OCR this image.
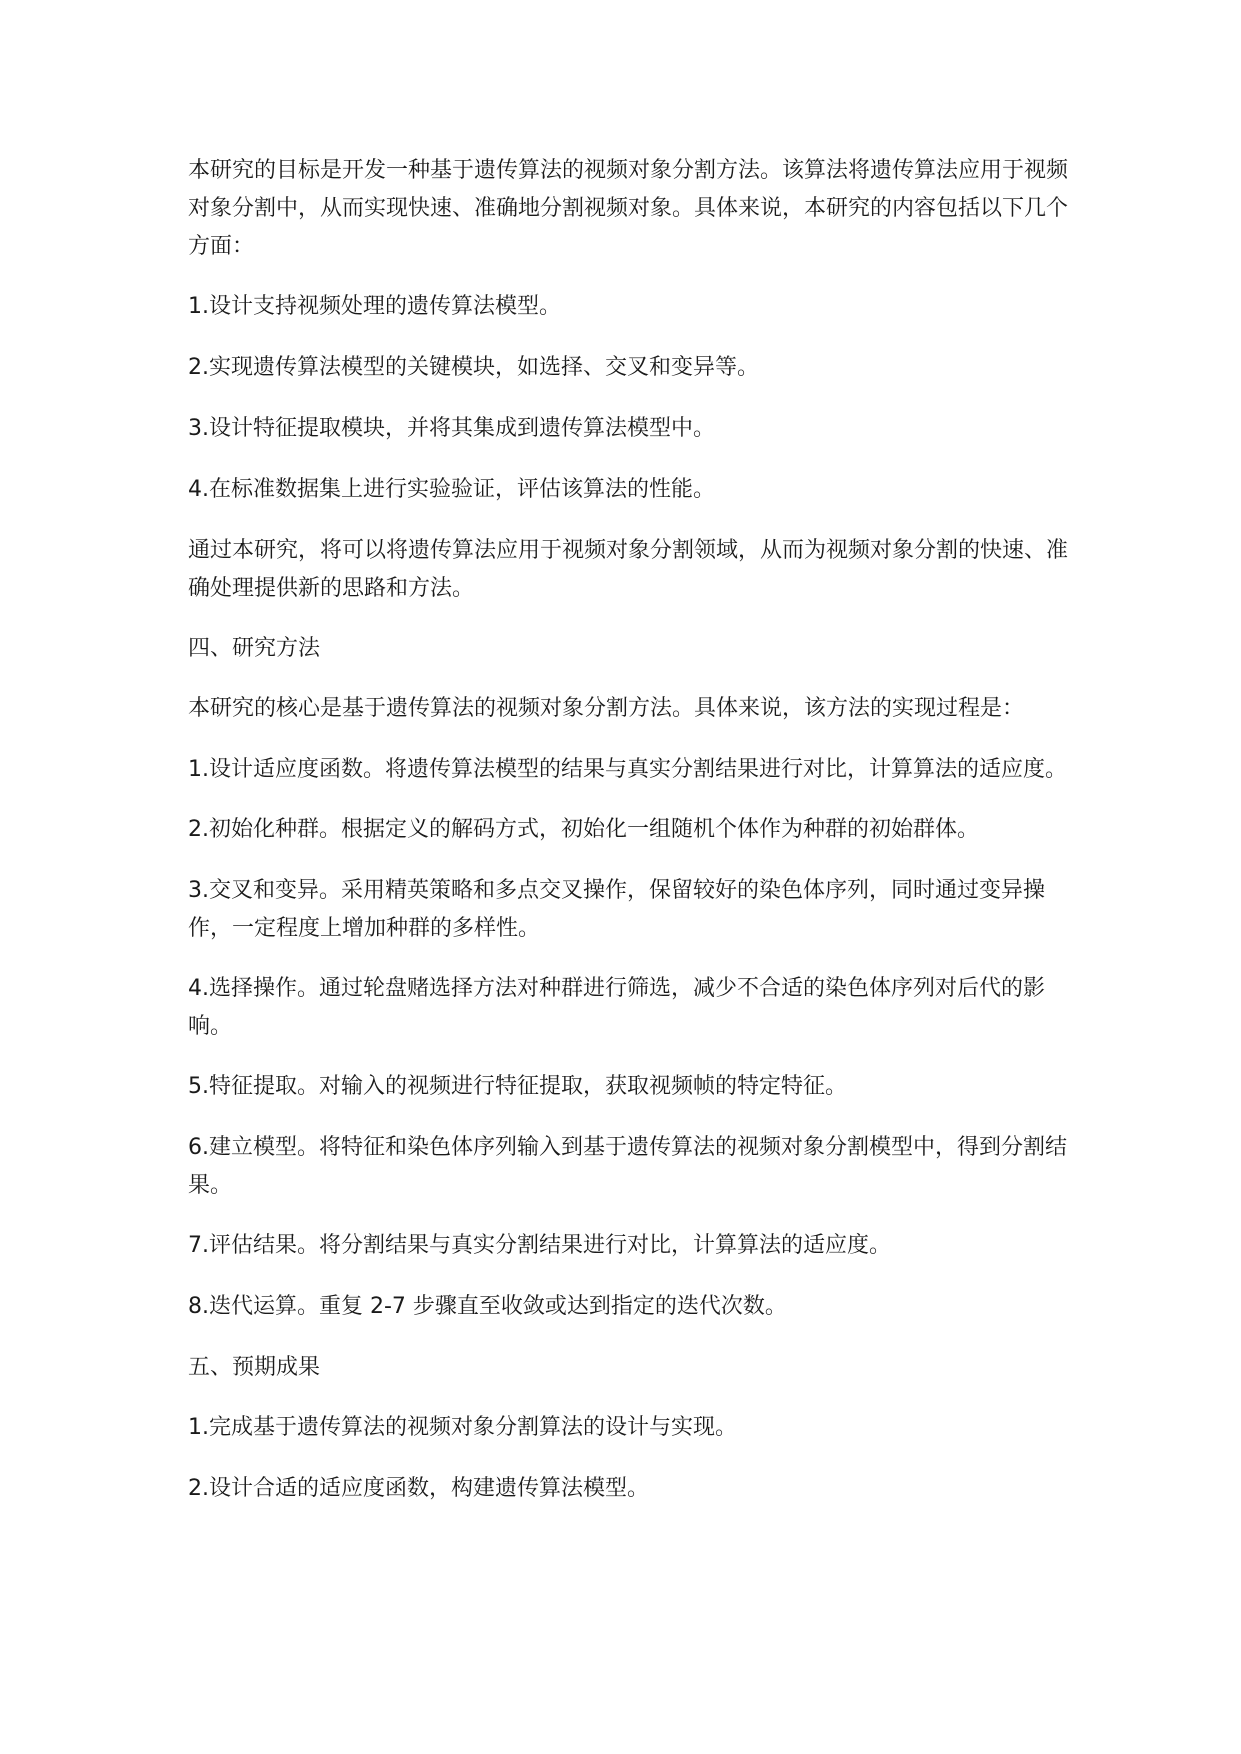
本研究的目标是开发一种基于遗传算法的视频对象分割方法。该算法将遗传算法应用于视频对象分割中，从而实现快速、准确地分割视频对象。具体来说，本研究的内容包括以下几个方面：

1.设计支持视频处理的遗传算法模型。

2.实现遗传算法模型的关键模块，如选择、交叉和变异等。

3.设计特征提取模块，并将其集成到遗传算法模型中。

4.在标准数据集上进行实验验证，评估该算法的性能。

通过本研究，将可以将遗传算法应用于视频对象分割领域，从而为视频对象分割的快速、准确处理提供新的思路和方法。

四、研究方法

本研究的核心是基于遗传算法的视频对象分割方法。具体来说，该方法的实现过程是：

1.设计适应度函数。将遗传算法模型的结果与真实分割结果进行对比，计算算法的适应度。

2.初始化种群。根据定义的解码方式，初始化一组随机个体作为种群的初始群体。

3.交叉和变异。采用精英策略和多点交叉操作，保留较好的染色体序列，同时通过变异操作，一定程度上增加种群的多样性。

4.选择操作。通过轮盘赌选择方法对种群进行筛选，减少不合适的染色体序列对后代的影响。

5.特征提取。对输入的视频进行特征提取，获取视频帧的特定特征。

6.建立模型。将特征和染色体序列输入到基于遗传算法的视频对象分割模型中，得到分割结果。

7.评估结果。将分割结果与真实分割结果进行对比，计算算法的适应度。

8.迭代运算。重复 2-7 步骤直至收敛或达到指定的迭代次数。

五、预期成果

1.完成基于遗传算法的视频对象分割算法的设计与实现。

2.设计合适的适应度函数，构建遗传算法模型。
